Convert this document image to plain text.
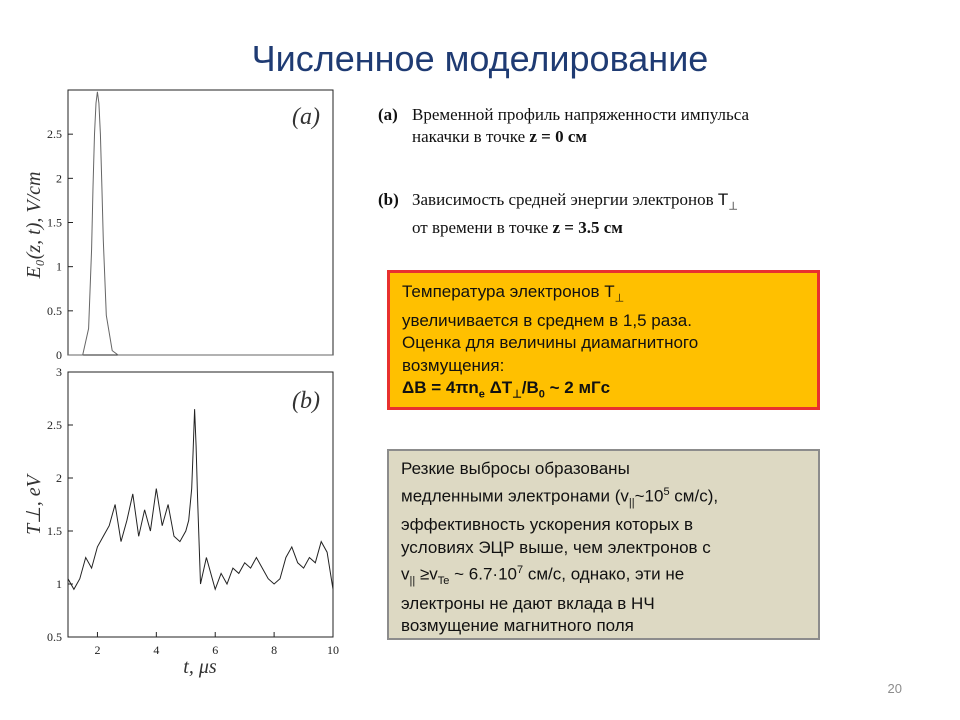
Численное моделирование
0
0.5
1
1.5
2
2.5
(a)
E₀(z, t), V/cm
0.5
1
1.5
2
2.5
3
2	4	6	8	10
(b)
T⊥, eV
t, μs
(a) Временной профиль напряженности импульса
накачки в точке z = 0 см
(b) Зависимость средней энергии электронов $T_\perp$
от времени в точке z = 3.5 см
Температура электронов $T_\perp$
увеличивается в среднем в 1,5 раза.
Оценка для величины диамагнитного
возмущения:
$\Delta B = 4\pi n_e$ $\Delta T_\perp/B_0$ ~ 2 мГс
Резкие выбросы образованы
медленными электронами ($v_{||}\sim 10^5$ см/с),
эффективность ускорения которых в
условиях ЭЦР выше, чем электронов с
$v_{||} \ge v_{Te}$ ~ $6.7\cdot 10^7$ см/с, однако, эти не
электроны не дают вклада в НЧ
возмущение магнитного поля
20
